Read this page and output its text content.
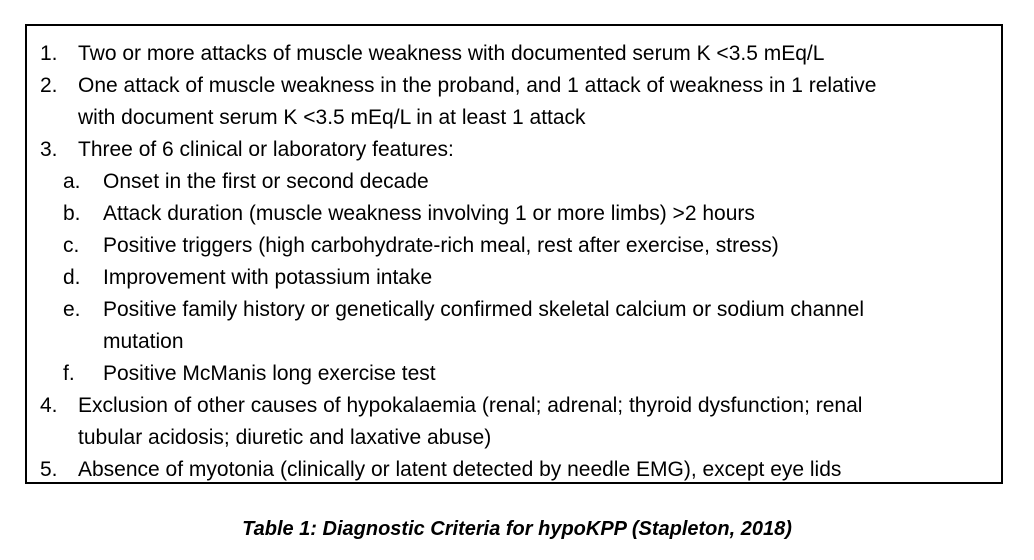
1. Two or more attacks of muscle weakness with documented serum K <3.5 mEq/L
2. One attack of muscle weakness in the proband, and 1 attack of weakness in 1 relative
with document serum K <3.5 mEq/L in at least 1 attack
3. Three of 6 clinical or laboratory features:
a. Onset in the first or second decade
b. Attack duration (muscle weakness involving 1 or more limbs) >2 hours
c. Positive triggers (high carbohydrate-rich meal, rest after exercise, stress)
d. Improvement with potassium intake
e. Positive family history or genetically confirmed skeletal calcium or sodium channel
mutation
f. Positive McManis long exercise test
4. Exclusion of other causes of hypokalaemia (renal; adrenal; thyroid dysfunction; renal
tubular acidosis; diuretic and laxative abuse)
5. Absence of myotonia (clinically or latent detected by needle EMG), except eye lids
Table 1: Diagnostic Criteria for hypoKPP (Stapleton, 2018)
